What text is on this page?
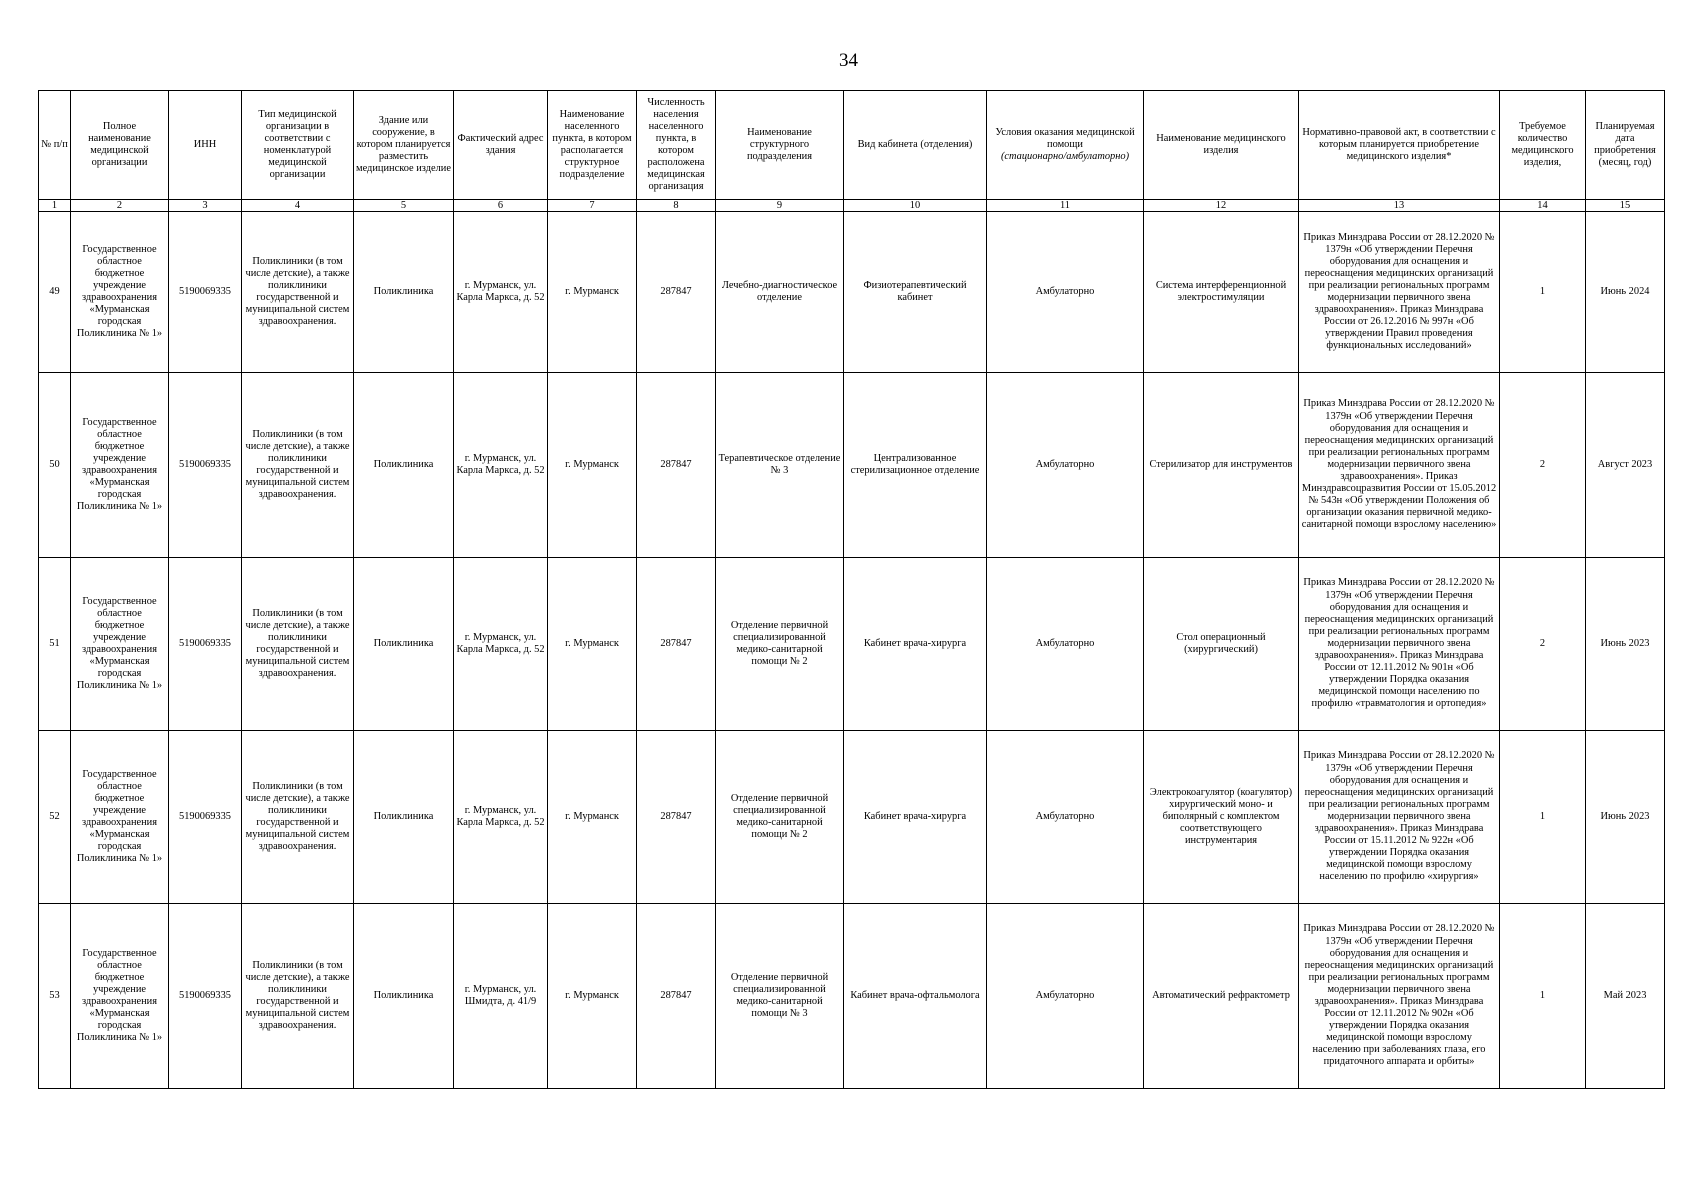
34
№ п/п	Полное наименование медицинской организации	ИНН	Тип медицинской организации в соответствии с номенклатурой медицинской организации	Здание или сооружение, в котором планируется разместить медицинское изделие	Фактический адрес здания	Наименование населенного пункта, в котором располагается структурное подразделение	Численность населения населенного пункта, в котором расположена медицинская организация	Наименование структурного подразделения	Вид кабинета (отделения)	Условия оказания медицинской помощи
(стационарно/амбулаторно)	Наименование медицинского изделия	Нормативно-правовой акт, в соответствии с которым планируется приобретение медицинского изделия*	Требуемое количество медицинского изделия,	Планируемая дата приобретения (месяц, год)
1	2	3	4	5	6	7	8	9	10	11	12	13	14	15
49	Государственное областное бюджетное учреждение здравоохранения «Мурманская городская Поликлиника № 1»	5190069335	Поликлиники (в том числе детские), а также поликлиники государственной и муниципальной систем здравоохранения.	Поликлиника	г. Мурманск, ул. Карла Маркса, д. 52	г. Мурманск	287847	Лечебно-диагностическое отделение	Физиотерапевтический кабинет	Амбулаторно	Система интерференционной электростимуляции	Приказ Минздрава России от 28.12.2020 № 1379н «Об утверждении Перечня оборудования для оснащения и переоснащения медицинских организаций при реализации региональных программ модернизации первичного звена здравоохранения». Приказ Минздрава России от 26.12.2016 № 997н «Об утверждении Правил проведения функциональных исследований»	1	Июнь 2024
50	Государственное областное бюджетное учреждение здравоохранения «Мурманская городская Поликлиника № 1»	5190069335	Поликлиники (в том числе детские), а также поликлиники государственной и муниципальной систем здравоохранения.	Поликлиника	г. Мурманск, ул. Карла Маркса, д. 52	г. Мурманск	287847	Терапевтическое отделение № 3	Централизованное стерилизационное отделение	Амбулаторно	Стерилизатор для инструментов	Приказ Минздрава России от 28.12.2020 № 1379н «Об утверждении Перечня оборудования для оснащения и переоснащения медицинских организаций при реализации региональных программ модернизации первичного звена здравоохранения». Приказ Минздравсоцразвития России от 15.05.2012 № 543н «Об утверждении Положения об организации оказания первичной медико-санитарной помощи взрослому населению»	2	Август 2023
51	Государственное областное бюджетное учреждение здравоохранения «Мурманская городская Поликлиника № 1»	5190069335	Поликлиники (в том числе детские), а также поликлиники государственной и муниципальной систем здравоохранения.	Поликлиника	г. Мурманск, ул. Карла Маркса, д. 52	г. Мурманск	287847	Отделение первичной специализированной медико-санитарной помощи № 2	Кабинет врача-хирурга	Амбулаторно	Стол операционный (хирургический)	Приказ Минздрава России от 28.12.2020 № 1379н «Об утверждении Перечня оборудования для оснащения и переоснащения медицинских организаций при реализации региональных программ модернизации первичного звена здравоохранения». Приказ Минздрава России от 12.11.2012 № 901н «Об утверждении Порядка оказания медицинской помощи населению по профилю «травматология и ортопедия»	2	Июнь 2023
52	Государственное областное бюджетное учреждение здравоохранения «Мурманская городская Поликлиника № 1»	5190069335	Поликлиники (в том числе детские), а также поликлиники государственной и муниципальной систем здравоохранения.	Поликлиника	г. Мурманск, ул. Карла Маркса, д. 52	г. Мурманск	287847	Отделение первичной специализированной медико-санитарной помощи № 2	Кабинет врача-хирурга	Амбулаторно	Электрокоагулятор (коагулятор) хирургический моно- и биполярный с комплектом соответствующего инструментария	Приказ Минздрава России от 28.12.2020 № 1379н «Об утверждении Перечня оборудования для оснащения и переоснащения медицинских организаций при реализации региональных программ модернизации первичного звена здравоохранения». Приказ Минздрава России от 15.11.2012 № 922н «Об утверждении Порядка оказания медицинской помощи взрослому населению по профилю «хирургия»	1	Июнь 2023
53	Государственное областное бюджетное учреждение здравоохранения «Мурманская городская Поликлиника № 1»	5190069335	Поликлиники (в том числе детские), а также поликлиники государственной и муниципальной систем здравоохранения.	Поликлиника	г. Мурманск, ул. Шмидта, д. 41/9	г. Мурманск	287847	Отделение первичной специализированной медико-санитарной помощи № 3	Кабинет врача-офтальмолога	Амбулаторно	Автоматический рефрактометр	Приказ Минздрава России от 28.12.2020 № 1379н «Об утверждении Перечня оборудования для оснащения и переоснащения медицинских организаций при реализации региональных программ модернизации первичного звена здравоохранения». Приказ Минздрава России от 12.11.2012 № 902н «Об утверждении Порядка оказания медицинской помощи взрослому населению при заболеваниях глаза, его придаточного аппарата и орбиты»	1	Май 2023
